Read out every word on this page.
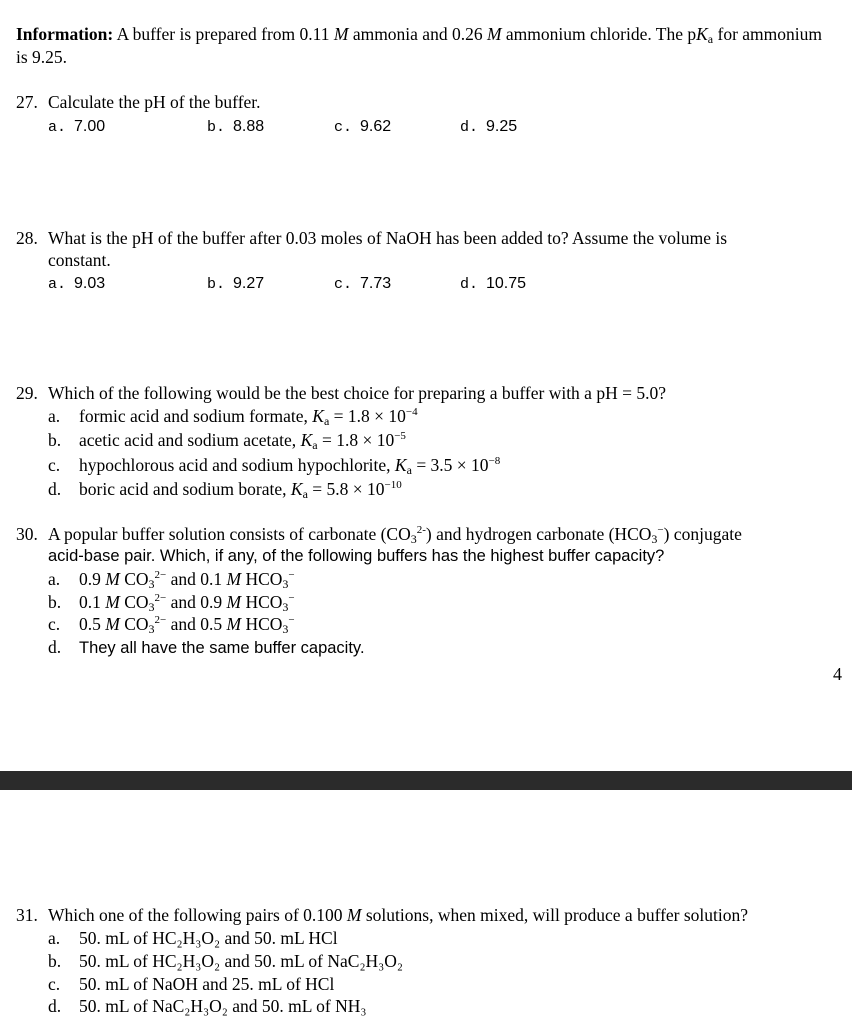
Information: A buffer is prepared from 0.11 M ammonia and 0.26 M ammonium chloride. The $pK_a$ for ammonium is 9.25.
27. Calculate the pH of the buffer.
a. 7.00	b. 8.88	c. 9.62	d. 9.25
28. What is the pH of the buffer after 0.03 moles of NaOH has been added to? Assume the volume is
constant.
a. 9.03	b. 9.27	c. 7.73	d. 10.75
29. Which of the following would be the best choice for preparing a buffer with a pH = 5.0?
a. formic acid and sodium formate, $K_a = 1.8 \times 10^{-4}$
b. acetic acid and sodium acetate, $K_a = 1.8 \times 10^{-5}$
c. hypochlorous acid and sodium hypochlorite, $K_a = 3.5 \times 10^{-8}$
d. boric acid and sodium borate, $K_a = 5.8 \times 10^{-10}$
30. A popular buffer solution consists of carbonate $(CO_3^{2-})$ and hydrogen carbonate $(HCO_3^-)$ conjugate
acid-base pair. Which, if any, of the following buffers has the highest buffer capacity?
a. 0.9 M $CO_3^{2-}$ and 0.1 M $HCO_3^-$
b. 0.1 M $CO_3^{2-}$ and 0.9 M $HCO_3^-$
c. 0.5 M $CO_3^{2-}$ and 0.5 M $HCO_3^-$
d. They all have the same buffer capacity.
4
31. Which one of the following pairs of 0.100 M solutions, when mixed, will produce a buffer solution?
a. 50. mL of HC₂H₃O₂ and 50. mL HCl
b. 50. mL of HC₂H₃O₂ and 50. mL of NaC₂H₃O₂
c. 50. mL of NaOH and 25. mL of HCl
d. 50. mL of NaC₂H₃O₂ and 50. mL of NH₃
